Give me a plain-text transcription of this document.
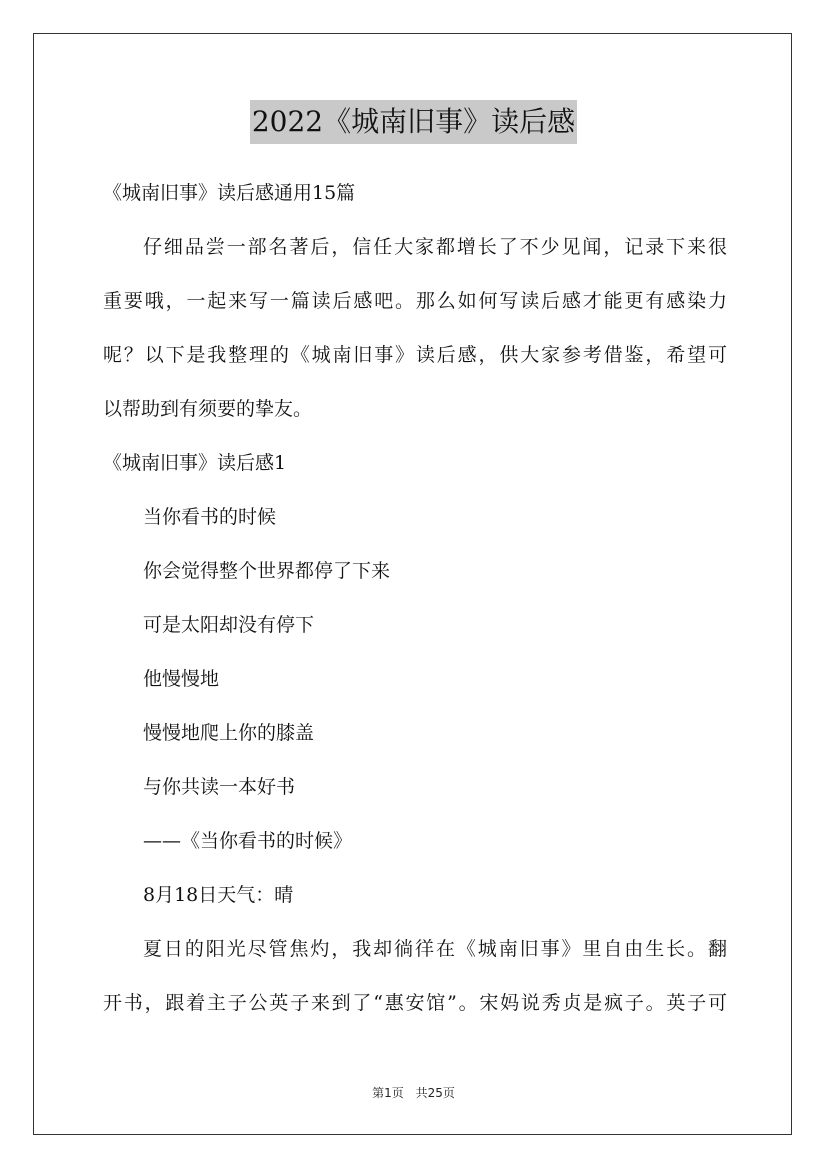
2022《城南旧事》读后感
《城南旧事》读后感通用15篇
仔细品尝一部名著后，信任大家都增长了不少见闻，记录下来很
重要哦，一起来写一篇读后感吧。那么如何写读后感才能更有感染力
呢？以下是我整理的《城南旧事》读后感，供大家参考借鉴，希望可
以帮助到有须要的挚友。
《城南旧事》读后感1
当你看书的时候
你会觉得整个世界都停了下来
可是太阳却没有停下
他慢慢地
慢慢地爬上你的膝盖
与你共读一本好书
——《当你看书的时候》
8月18日天气：晴
夏日的阳光尽管焦灼，我却徜徉在《城南旧事》里自由生长。翻
开书，跟着主子公英子来到了“惠安馆”。宋妈说秀贞是疯子。英子可
第1页 共25页
